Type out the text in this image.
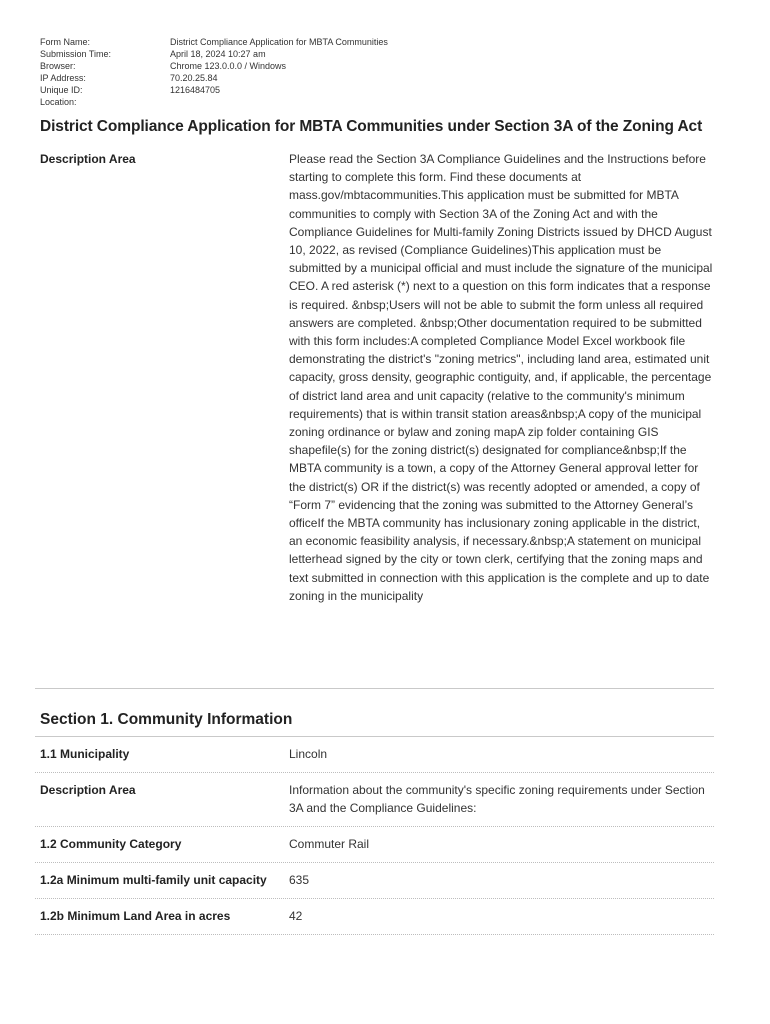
Form Name:	District Compliance Application for MBTA Communities
Submission Time:	April 18, 2024 10:27 am
Browser:	Chrome 123.0.0.0 / Windows
IP Address:	70.20.25.84
Unique ID:	1216484705
Location:
District Compliance Application for MBTA Communities under Section 3A of the Zoning Act
Description Area	Please read the Section 3A Compliance Guidelines and the Instructions before starting to complete this form. Find these documents at mass.gov/mbtacommunities.This application must be submitted for MBTA communities to comply with Section 3A of the Zoning Act and with the Compliance Guidelines for Multi-family Zoning Districts issued by DHCD August 10, 2022, as revised (Compliance Guidelines)This application must be submitted by a municipal official and must include the signature of the municipal CEO. A red asterisk (*) next to a question on this form indicates that a response is required. &nbsp;Users will not be able to submit the form unless all required answers are completed. &nbsp;Other documentation required to be submitted with this form includes:A completed Compliance Model Excel workbook file demonstrating the district's "zoning metrics", including land area, estimated unit capacity, gross density, geographic contiguity, and, if applicable, the percentage of district land area and unit capacity (relative to the community's minimum requirements) that is within transit station areas&nbsp;A copy of the municipal zoning ordinance or bylaw and zoning mapA zip folder containing GIS shapefile(s) for the zoning district(s) designated for compliance&nbsp;If the MBTA community is a town, a copy of the Attorney General approval letter for the district(s) OR if the district(s) was recently adopted or amended, a copy of “Form 7” evidencing that the zoning was submitted to the Attorney General’s officeIf the MBTA community has inclusionary zoning applicable in the district, an economic feasibility analysis, if necessary.&nbsp;A statement on municipal letterhead signed by the city or town clerk, certifying that the zoning maps and text submitted in connection with this application is the complete and up to date zoning in the municipality
Section 1. Community Information
1.1 Municipality	Lincoln
Description Area	Information about the community's specific zoning requirements under Section 3A and the Compliance Guidelines:
1.2 Community Category	Commuter Rail
1.2a Minimum multi-family unit capacity	635
1.2b Minimum Land Area in acres	42
